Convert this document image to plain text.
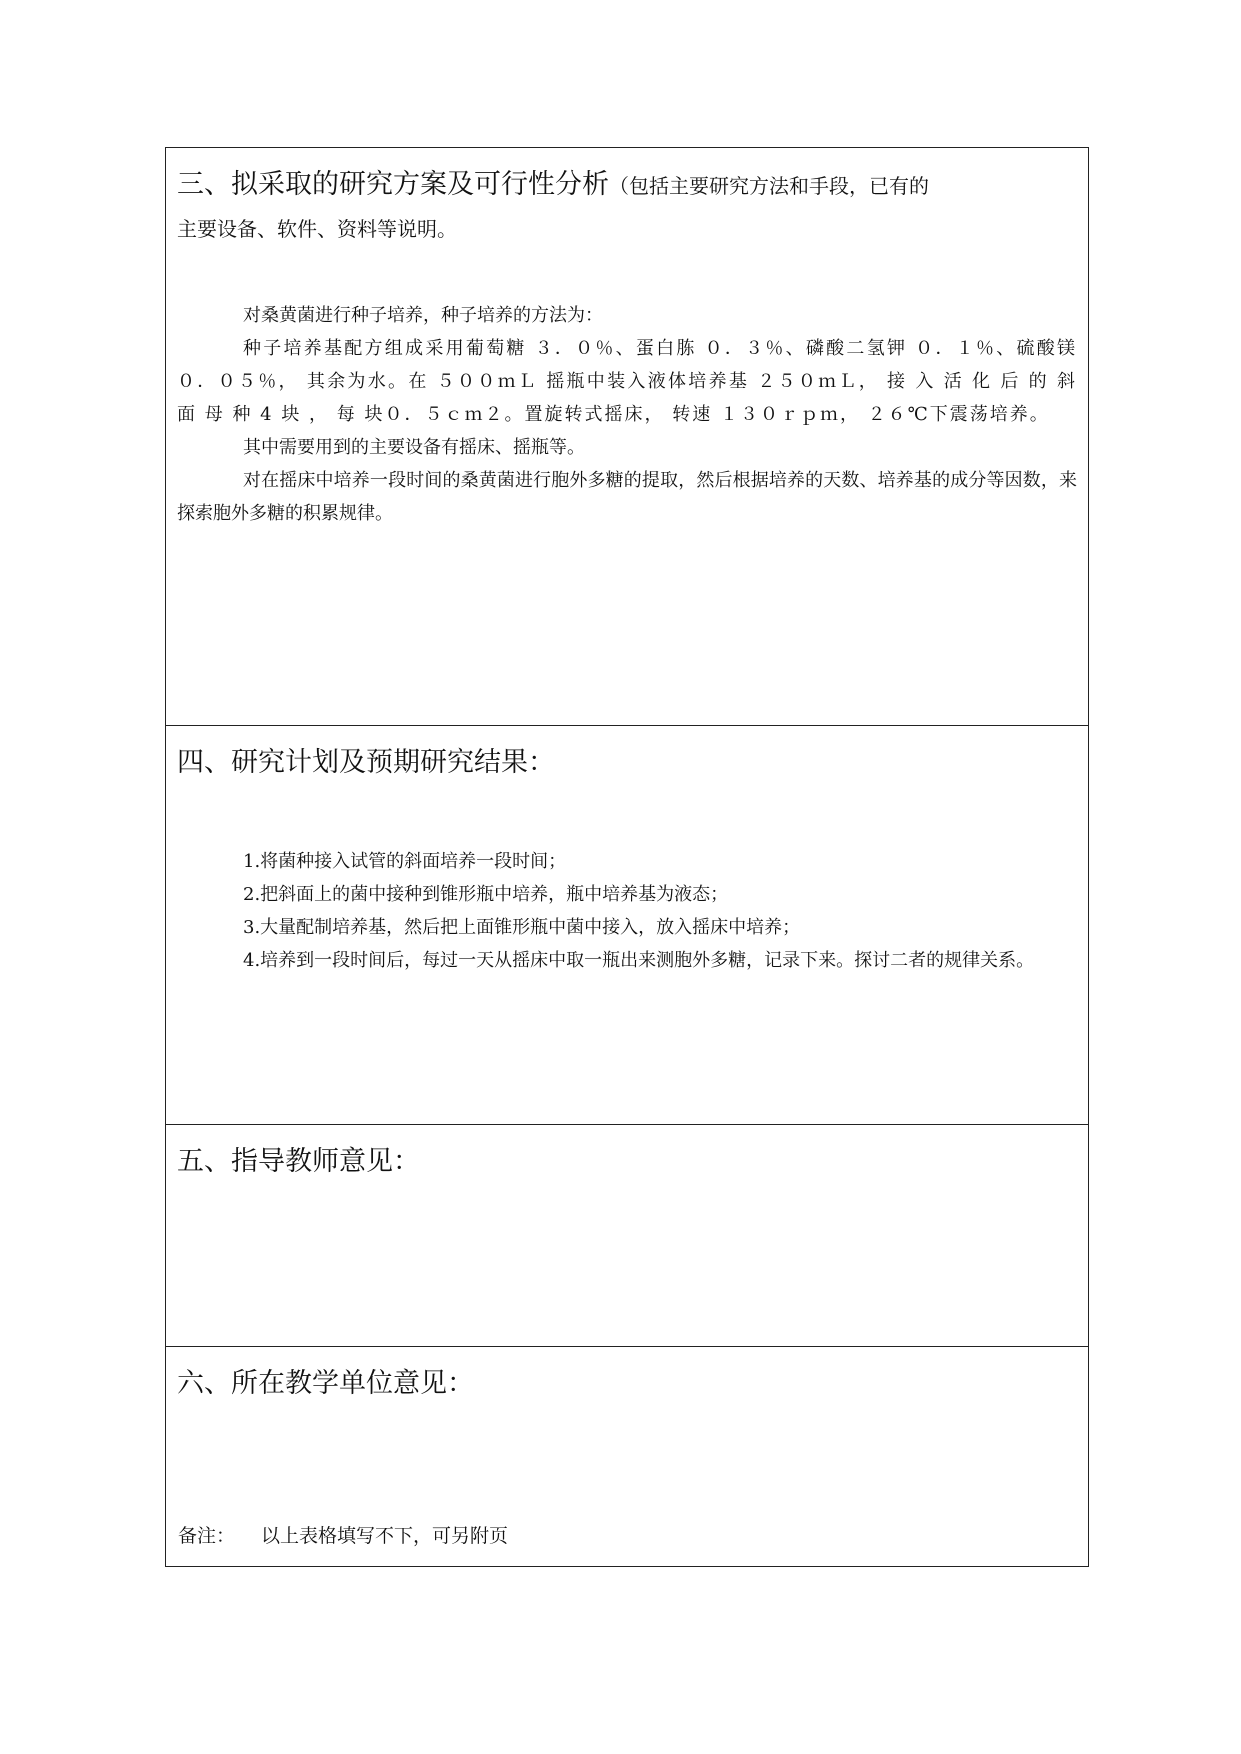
三、拟采取的研究方案及可行性分析（包括主要研究方法和手段，已有的
主要设备、软件、资料等说明。

对桑黄菌进行种子培养，种子培养的方法为：

种子培养基配方组成采用葡萄糖 ３．０％、蛋白胨 ０．３％、磷酸二氢钾 ０．１％、硫酸镁 ０．０５％， 其余为水。在 ５００ｍＬ 摇瓶中装入液体培养基 ２５０ｍＬ， 接 入 活 化 后 的 斜 面 母 种 4 块 ， 每 块０．５ｃｍ２。置旋转式摇床， 转速 １３０ｒｐｍ， ２６℃下震荡培养。

其中需要用到的主要设备有摇床、摇瓶等。

对在摇床中培养一段时间的桑黄菌进行胞外多糖的提取，然后根据培养的天数、培养基的成分等因数，来探索胞外多糖的积累规律。

四、研究计划及预期研究结果：

1.将菌种接入试管的斜面培养一段时间；

2.把斜面上的菌中接种到锥形瓶中培养，瓶中培养基为液态；

3.大量配制培养基，然后把上面锥形瓶中菌中接入，放入摇床中培养；

4.培养到一段时间后，每过一天从摇床中取一瓶出来测胞外多糖，记录下来。探讨二者的规律关系。

五、指导教师意见：
六、所在教学单位意见：
备注： 以上表格填写不下，可另附页
